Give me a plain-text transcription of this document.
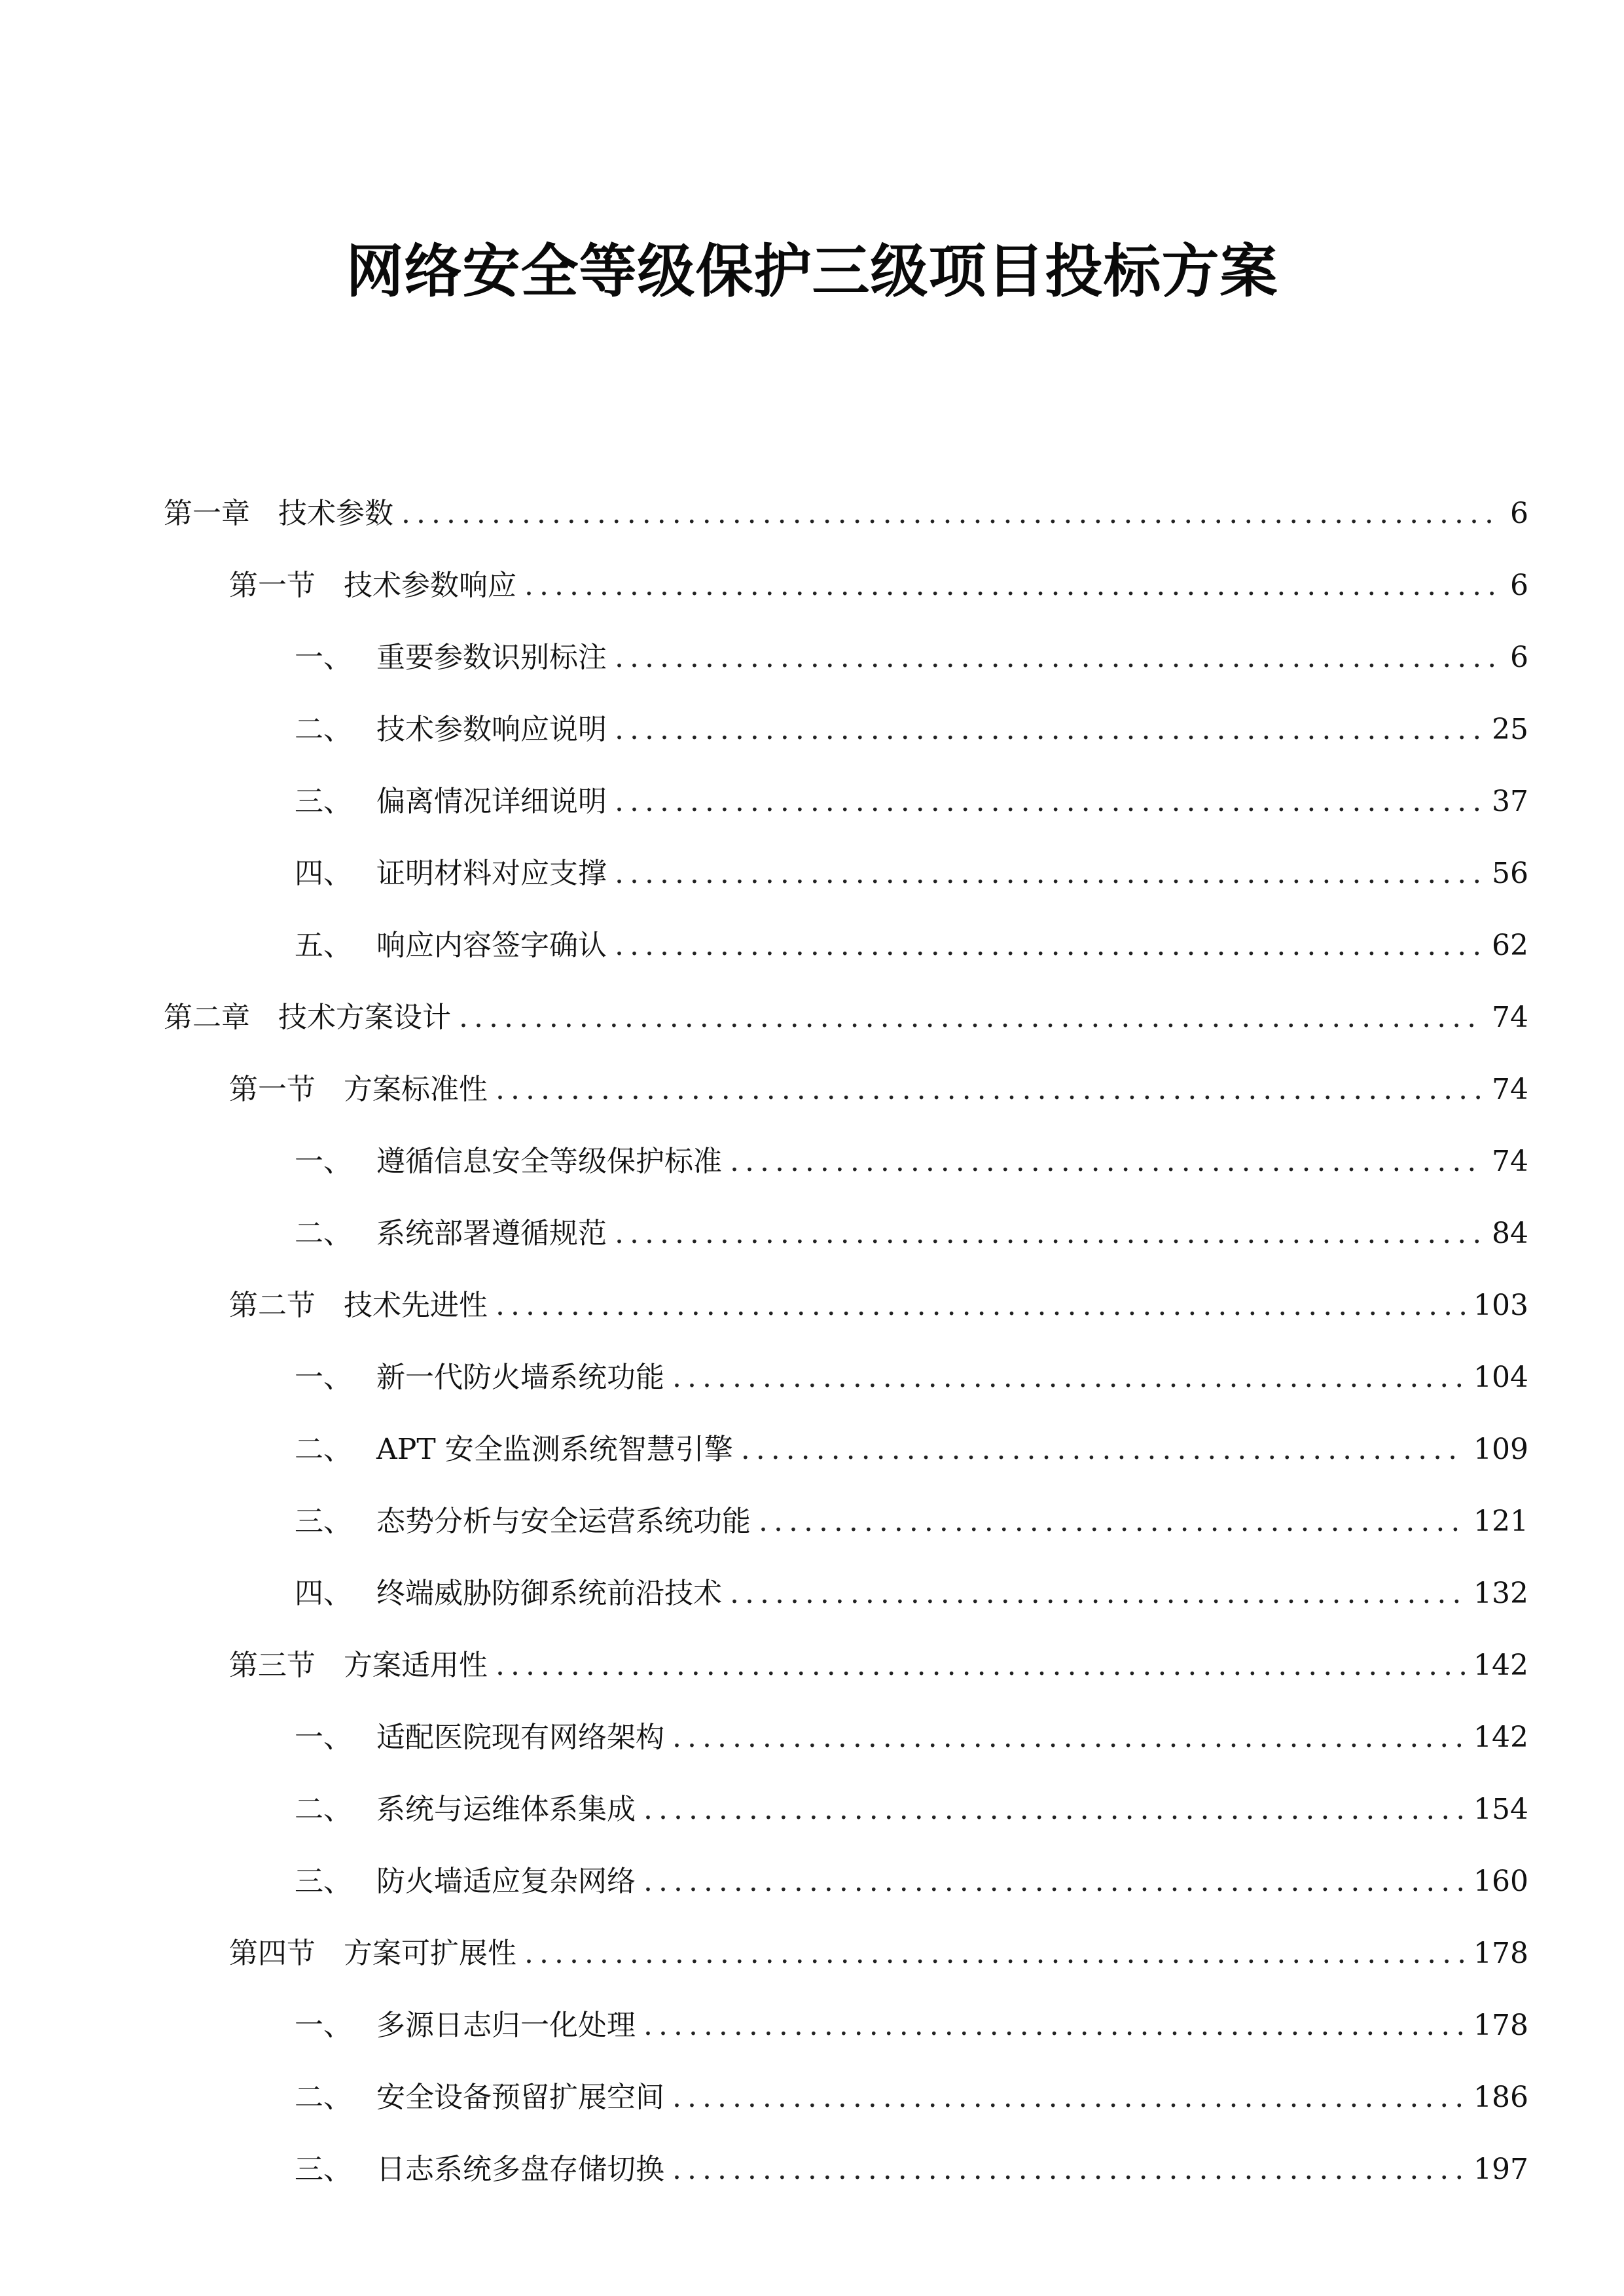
网络安全等级保护三级项目投标方案
第一章 技术参数 .....	6
第一节 技术参数响应 .....	6
一、 重要参数识别标注 .....	6
二、 技术参数响应说明 .....	25
三、 偏离情况详细说明 .....	37
四、 证明材料对应支撑 .....	56
五、 响应内容签字确认 .....	62
第二章 技术方案设计 .....	74
第一节 方案标准性 .....	74
一、 遵循信息安全等级保护标准 .....	74
二、 系统部署遵循规范 .....	84
第二节 技术先进性 .....	103
一、 新一代防火墙系统功能 .....	104
二、 APT 安全监测系统智慧引擎 .....	109
三、 态势分析与安全运营系统功能 .....	121
四、 终端威胁防御系统前沿技术 .....	132
第三节 方案适用性 .....	142
一、 适配医院现有网络架构 .....	142
二、 系统与运维体系集成 .....	154
三、 防火墙适应复杂网络 .....	160
第四节 方案可扩展性 .....	178
一、 多源日志归一化处理 .....	178
二、 安全设备预留扩展空间 .....	186
三、 日志系统多盘存储切换 .....	197
